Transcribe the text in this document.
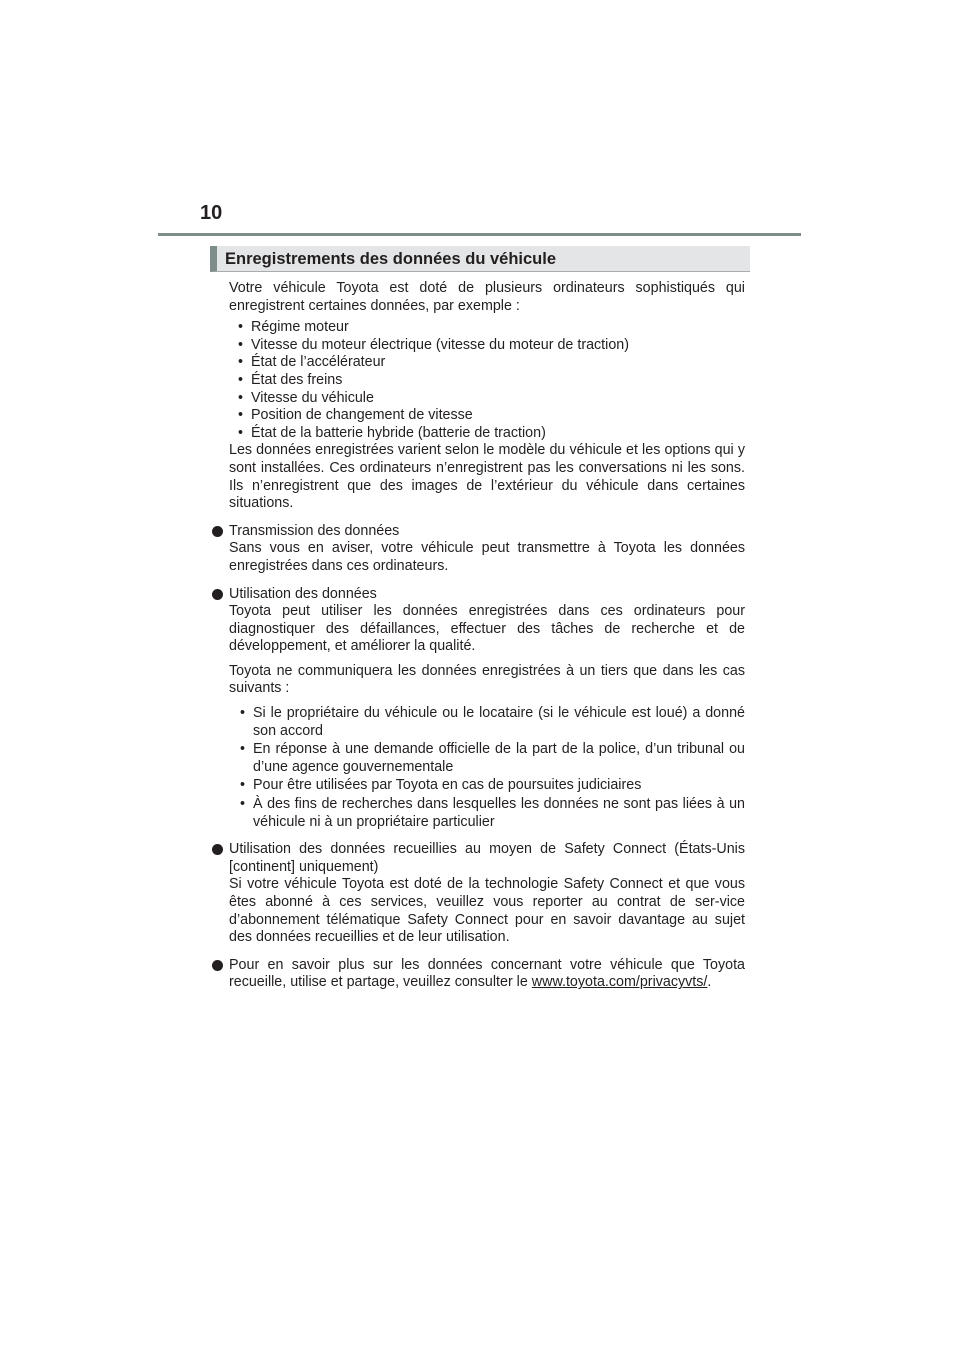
10
Enregistrements des données du véhicule

Votre véhicule Toyota est doté de plusieurs ordinateurs sophistiqués qui enregistrent certaines données, par exemple :

• Régime moteur
• Vitesse du moteur électrique (vitesse du moteur de traction)
• État de l’accélérateur
• État des freins
• Vitesse du véhicule
• Position de changement de vitesse
• État de la batterie hybride (batterie de traction)

Les données enregistrées varient selon le modèle du véhicule et les options qui y sont installées. Ces ordinateurs n’enregistrent pas les conversations ni les sons. Ils n’enregistrent que des images de l’extérieur du véhicule dans certaines situations.

Transmission des données
Sans vous en aviser, votre véhicule peut transmettre à Toyota les données enregistrées dans ces ordinateurs.
Utilisation des données
Toyota peut utiliser les données enregistrées dans ces ordinateurs pour diagnostiquer des défaillances, effectuer des tâches de recherche et de développement, et améliorer la qualité.
Toyota ne communiquera les données enregistrées à un tiers que dans les cas suivants :
• Si le propriétaire du véhicule ou le locataire (si le véhicule est loué) a donné son accord
• En réponse à une demande officielle de la part de la police, d’un tribunal ou d’une agence gouvernementale
• Pour être utilisées par Toyota en cas de poursuites judiciaires
• À des fins de recherches dans lesquelles les données ne sont pas liées à un véhicule ni à un propriétaire particulier
Utilisation des données recueillies au moyen de Safety Connect (États-Unis [continent] uniquement)
Si votre véhicule Toyota est doté de la technologie Safety Connect et que vous êtes abonné à ces services, veuillez vous reporter au contrat de ser-vice d’abonnement télématique Safety Connect pour en savoir davantage au sujet des données recueillies et de leur utilisation.
Pour en savoir plus sur les données concernant votre véhicule que Toyota recueille, utilise et partage, veuillez consulter le www.toyota.com/privacyvts/.
